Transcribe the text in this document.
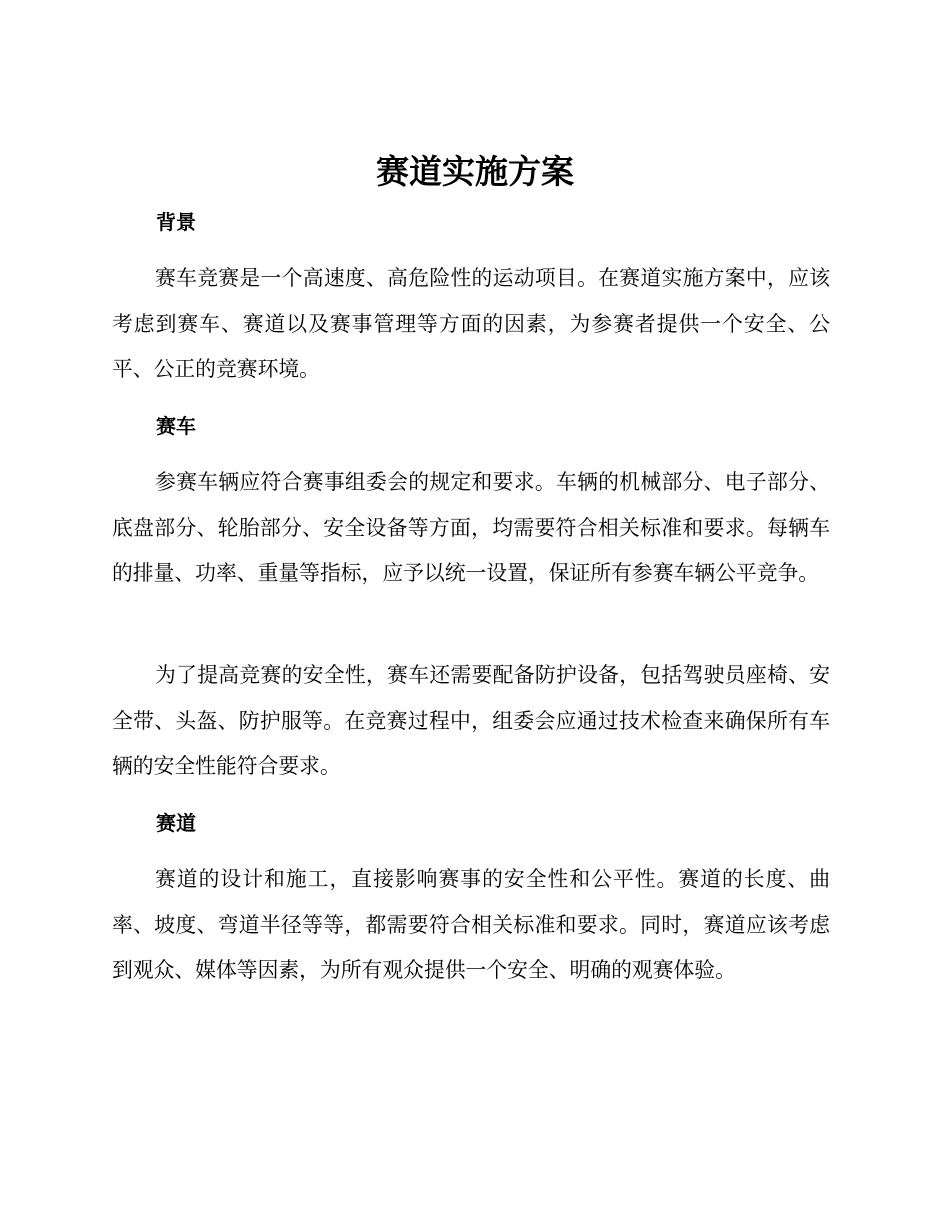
赛道实施方案
背景

赛车竞赛是一个高速度、高危险性的运动项目。在赛道实施方案中，应该考虑到赛车、赛道以及赛事管理等方面的因素，为参赛者提供一个安全、公平、公正的竞赛环境。

赛车

参赛车辆应符合赛事组委会的规定和要求。车辆的机械部分、电子部分、底盘部分、轮胎部分、安全设备等方面，均需要符合相关标准和要求。每辆车的排量、功率、重量等指标，应予以统一设置，保证所有参赛车辆公平竞争。

为了提高竞赛的安全性，赛车还需要配备防护设备，包括驾驶员座椅、安全带、头盔、防护服等。在竞赛过程中，组委会应通过技术检查来确保所有车辆的安全性能符合要求。

赛道

赛道的设计和施工，直接影响赛事的安全性和公平性。赛道的长度、曲率、坡度、弯道半径等等，都需要符合相关标准和要求。同时，赛道应该考虑到观众、媒体等因素，为所有观众提供一个安全、明确的观赛体验。
